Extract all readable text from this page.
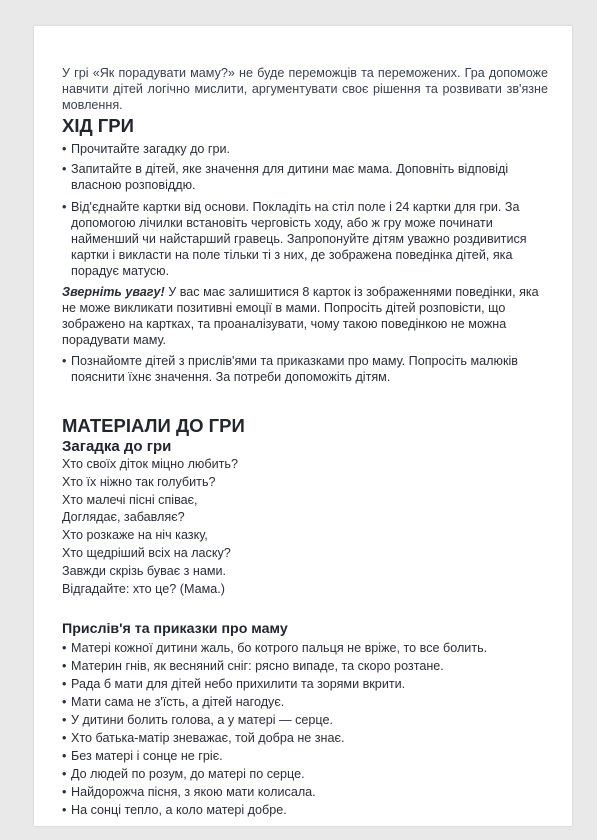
У грі «Як порадувати маму?» не буде переможців та переможених. Гра допоможе навчити дітей логічно мислити, аргументувати своє рішення та розвивати зв'язне мовлення.

ХІД ГРИ
• Прочитайте загадку до гри.
• Запитайте в дітей, яке значення для дитини має мама. Доповніть відповіді власною розповіддю.
• Від'єднайте картки від основи. Покладіть на стіл поле і 24 картки для гри. За допомогою лічилки встановіть черговість ходу, або ж гру може починати найменший чи найстарший гравець. Запропонуйте дітям уважно роздивитися картки і викласти на поле тільки ті з них, де зображена поведінка дітей, яка порадує матусю.

Зверніть увагу! У вас має залишитися 8 карток із зображеннями поведінки, яка не може викликати позитивні емоції в мами. Попросіть дітей розповісти, що зображено на картках, та проаналізувати, чому такою поведінкою не можна порадувати маму.

• Познайомте дітей з прислів'ями та приказками про маму. Попросіть малюків пояснити їхнє значення. За потреби допоможіть дітям.
МАТЕРІАЛИ ДО ГРИ
Загадка до гри

Хто своїх діток міцно любить?

Хто їх ніжно так голубить?

Хто малечі пісні співає,

Доглядає, забавляє?

Хто розкаже на ніч казку,

Хто щедріший всіх на ласку?

Завжди скрізь буває з нами.

Відгадайте: хто це? (Мама.)

Прислів'я та приказки про маму
• Матері кожної дитини жаль, бо котрого пальця не вріже, то все болить.
• Материн гнів, як весняний сніг: рясно випаде, та скоро розтане.
• Рада б мати для дітей небо прихилити та зорями вкрити.
• Мати сама не з'їсть, а дітей нагодує.
• У дитини болить голова, а у матері — серце.
• Хто батька-матір зневажає, той добра не знає.
• Без матері і сонце не гріє.
• До людей по розум, до матері по серце.
• Найдорожча пісня, з якою мати колисала.
• На сонці тепло, а коло матері добре.
